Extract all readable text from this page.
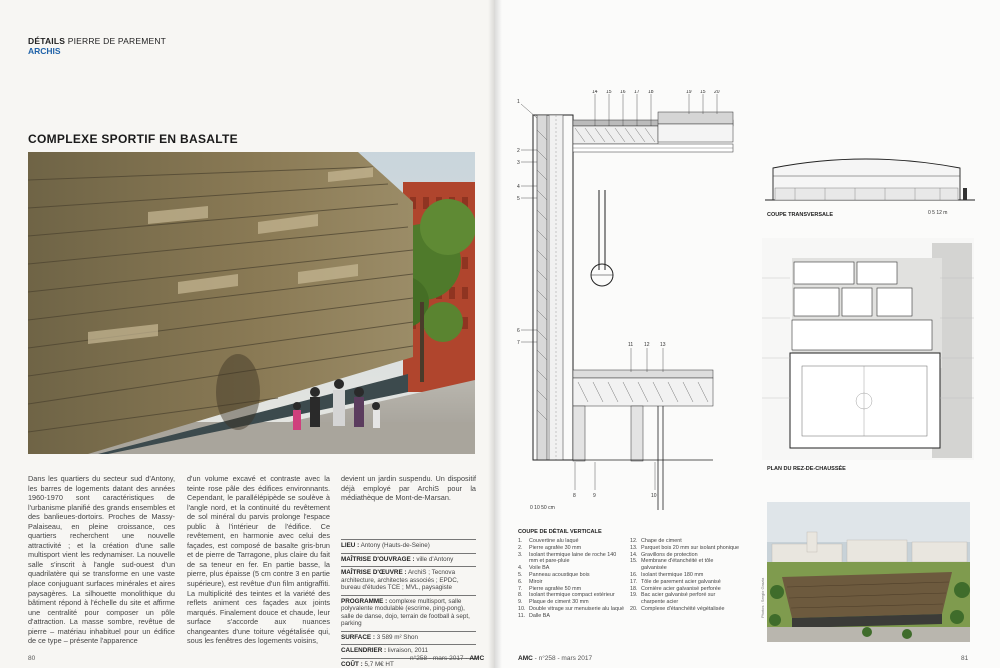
DÉTAILS PIERRE DE PAREMENT
ARCHIS
COMPLEXE SPORTIF EN BASALTE
Dans les quartiers du secteur sud d'Antony, les barres de logements datant des années 1960-1970 sont caractéristiques de l'urbanisme planifié des grands ensembles et des banlieues-dortoirs. Proches de Massy-Palaiseau, en pleine croissance, ces quartiers recherchent une nouvelle attractivité ; et la création d'une salle multisport vient les redynamiser. La nouvelle salle s'inscrit à l'angle sud-ouest d'un quadrilatère qui se transforme en une vaste place conjuguant surfaces minérales et aires paysagères. La silhouette monolithique du bâtiment répond à l'échelle du site et affirme une centralité pour composer un pôle d'attraction. La masse sombre, revêtue de pierre – matériau inhabituel pour un édifice de ce type – présente l'apparence
d'un volume excavé et contraste avec la teinte rose pâle des édifices environnants. Cependant, le parallélépipède se soulève à l'angle nord, et la continuité du revêtement de sol minéral du parvis prolonge l'espace public à l'intérieur de l'édifice. Ce revêtement, en harmonie avec celui des façades, est composé de basalte gris-brun et de pierre de Tarragone, plus claire du fait de sa teneur en fer. En partie basse, la pierre, plus épaisse (5 cm contre 3 en partie supérieure), est revêtue d'un film antigraffiti. La multiplicité des teintes et la variété des reflets animent ces façades aux joints marqués. Finalement douce et chaude, leur surface s'accorde aux nuances changeantes d'une toiture végétalisée qui, sous les fenêtres des logements voisins,
devient un jardin suspendu. Un dispositif déjà employé par ArchiS pour la médiathèque de Mont-de-Marsan.
LIEU : Antony (Hauts-de-Seine)
MAÎTRISE D'OUVRAGE : ville d'Antony
MAÎTRISE D'ŒUVRE : ArchiS ; Tecnova architecture, architectes associés ; EPDC, bureau d'études TCE ; MVL, paysagiste
PROGRAMME : complexe multisport, salle polyvalente modulable (escrime, ping-pong), salle de danse, dojo, terrain de football à sept, parking
SURFACE : 3 589 m² Shon
CALENDRIER : livraison, 2011
COÛT : 5,7 M€ HT
80	n°258 - mars 2017 - AMC
1
2
3
4
5
6
7
8	9	10
14 15 16 17 18	19 15 20
11 12 13
0 10 50 cm
COUPE TRANSVERSALE	0 5 12 m
PLAN DU REZ-DE-CHAUSSÉE
Photos : Sergio Grazia
COUPE DE DÉTAIL VERTICALE
1.	Couvertine alu laqué
2.	Pierre agrafée 30 mm
3.	Isolant thermique laine de roche 140 mm et pare-pluie
4.	Voile BA
5.	Panneau acoustique bois
6.	Miroir
7.	Pierre agrafée 50 mm
8.	Isolant thermique compact extérieur
9.	Plaque de ciment 30 mm
10. Double vitrage sur menuiserie alu laqué
11. Dalle BA
12. Chape de ciment
13. Parquet bois 20 mm sur isolant phonique
14. Gravillons de protection
15. Membrane d'étanchéité et tôle galvanisée
16. Isolant thermique 180 mm
17. Tôle de parement acier galvanisé
18. Cornière acier galvanisé perforée
19. Bac acier galvanisé perforé sur charpente acier
20. Complexe d'étanchéité végétalisée
AMC - n°258 - mars 2017	81
